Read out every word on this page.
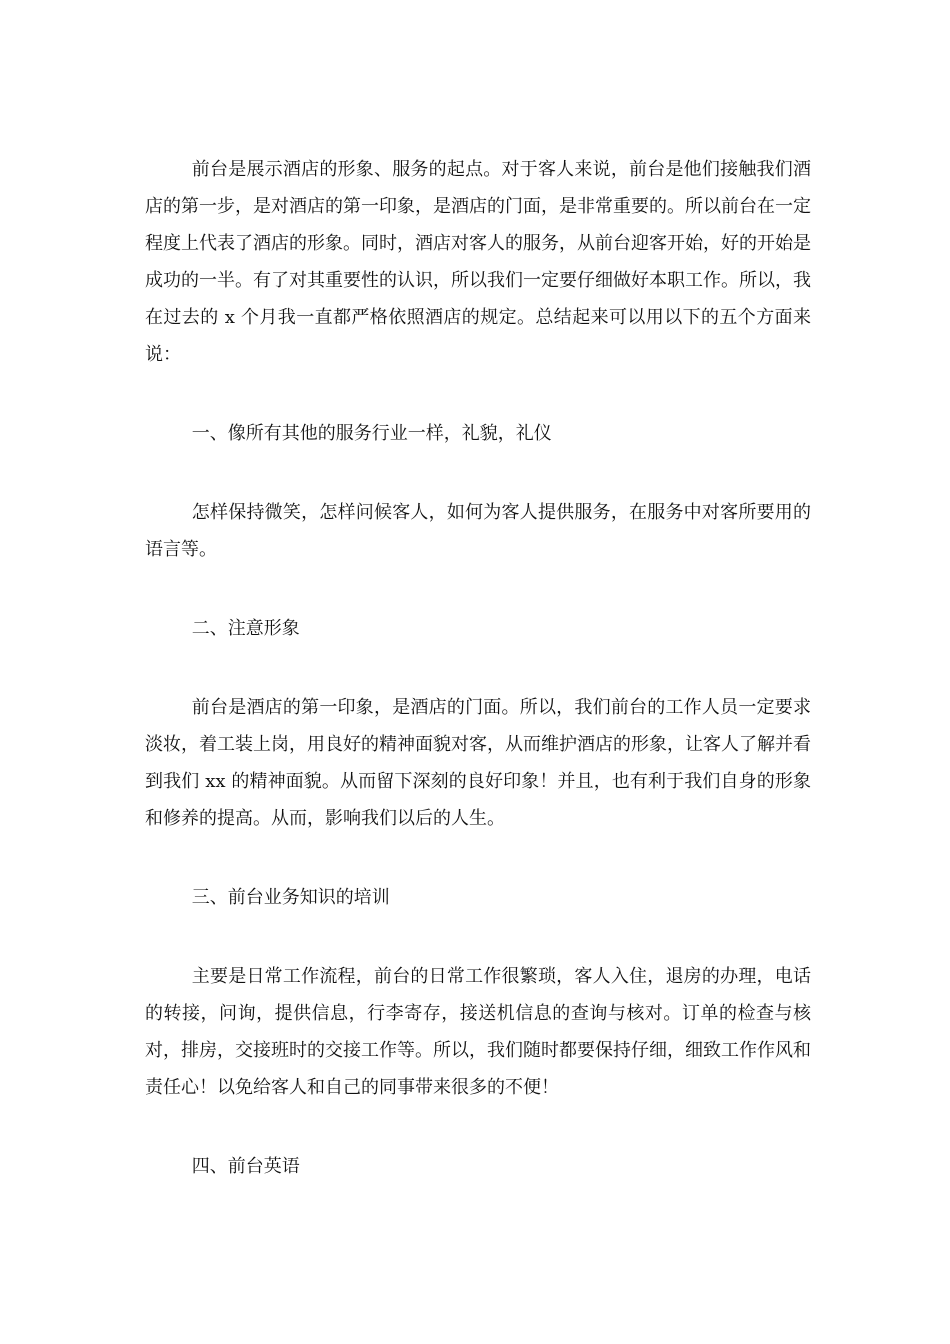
前台是展示酒店的形象、服务的起点。对于客人来说，前台是他们接触我们酒店的第一步，是对酒店的第一印象，是酒店的门面，是非常重要的。所以前台在一定程度上代表了酒店的形象。同时，酒店对客人的服务，从前台迎客开始，好的开始是成功的一半。有了对其重要性的认识，所以我们一定要仔细做好本职工作。所以，我在过去的 x 个月我一直都严格依照酒店的规定。总结起来可以用以下的五个方面来说：

一、像所有其他的服务行业一样，礼貌，礼仪

怎样保持微笑，怎样问候客人，如何为客人提供服务，在服务中对客所要用的语言等。

二、注意形象

前台是酒店的第一印象，是酒店的门面。所以，我们前台的工作人员一定要求淡妆，着工装上岗，用良好的精神面貌对客，从而维护酒店的形象，让客人了解并看到我们 xx 的精神面貌。从而留下深刻的良好印象！并且，也有利于我们自身的形象和修养的提高。从而，影响我们以后的人生。

三、前台业务知识的培训

主要是日常工作流程，前台的日常工作很繁琐，客人入住，退房的办理，电话的转接，问询，提供信息，行李寄存，接送机信息的查询与核对。订单的检查与核对，排房，交接班时的交接工作等。所以，我们随时都要保持仔细，细致工作作风和责任心！以免给客人和自己的同事带来很多的不便！

四、前台英语
